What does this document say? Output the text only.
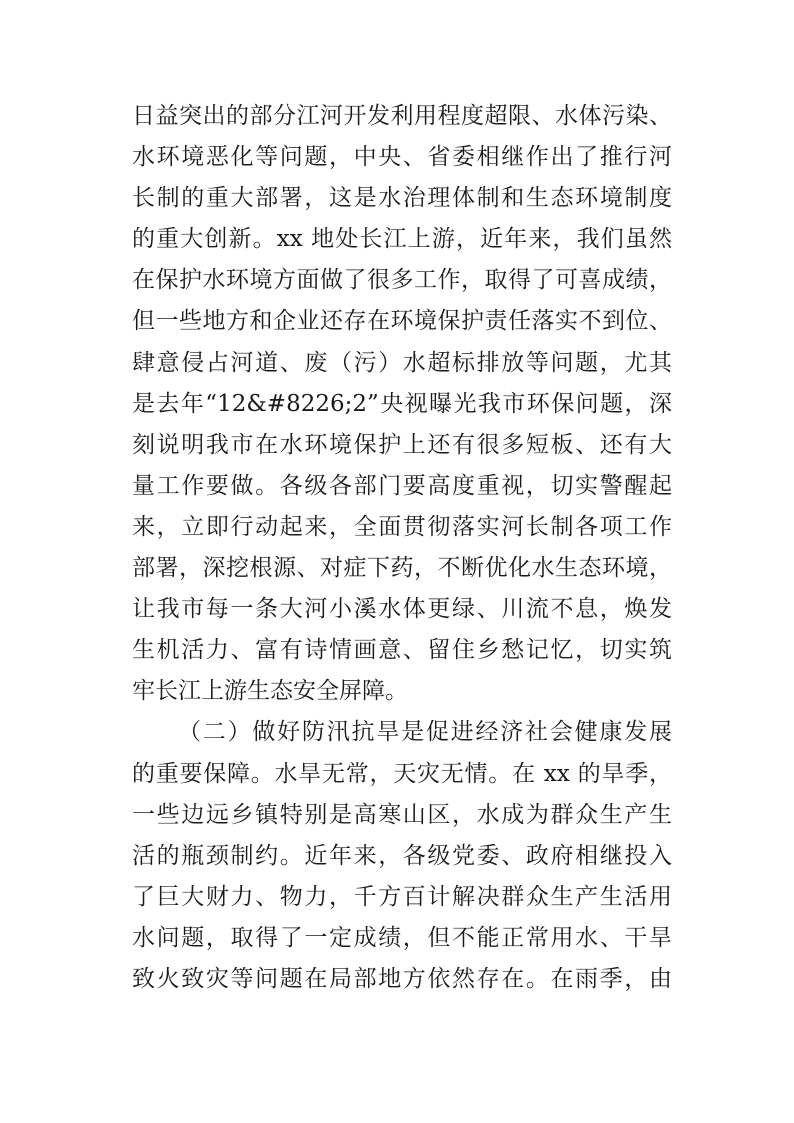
日益突出的部分江河开发利用程度超限、水体污染、
水环境恶化等问题，中央、省委相继作出了推行河
长制的重大部署，这是水治理体制和生态环境制度
的重大创新。xx 地处长江上游，近年来，我们虽然
在保护水环境方面做了很多工作，取得了可喜成绩，
但一些地方和企业还存在环境保护责任落实不到位、
肆意侵占河道、废（污）水超标排放等问题，尤其
是去年“12&#8226;2”央视曝光我市环保问题，深
刻说明我市在水环境保护上还有很多短板、还有大
量工作要做。各级各部门要高度重视，切实警醒起
来，立即行动起来，全面贯彻落实河长制各项工作
部署，深挖根源、对症下药，不断优化水生态环境，
让我市每一条大河小溪水体更绿、川流不息，焕发
生机活力、富有诗情画意、留住乡愁记忆，切实筑
牢长江上游生态安全屏障。
（二）做好防汛抗旱是促进经济社会健康发展
的重要保障。水旱无常，天灾无情。在 xx 的旱季，
一些边远乡镇特别是高寒山区，水成为群众生产生
活的瓶颈制约。近年来，各级党委、政府相继投入
了巨大财力、物力，千方百计解决群众生产生活用
水问题，取得了一定成绩，但不能正常用水、干旱
致火致灾等问题在局部地方依然存在。在雨季，由
